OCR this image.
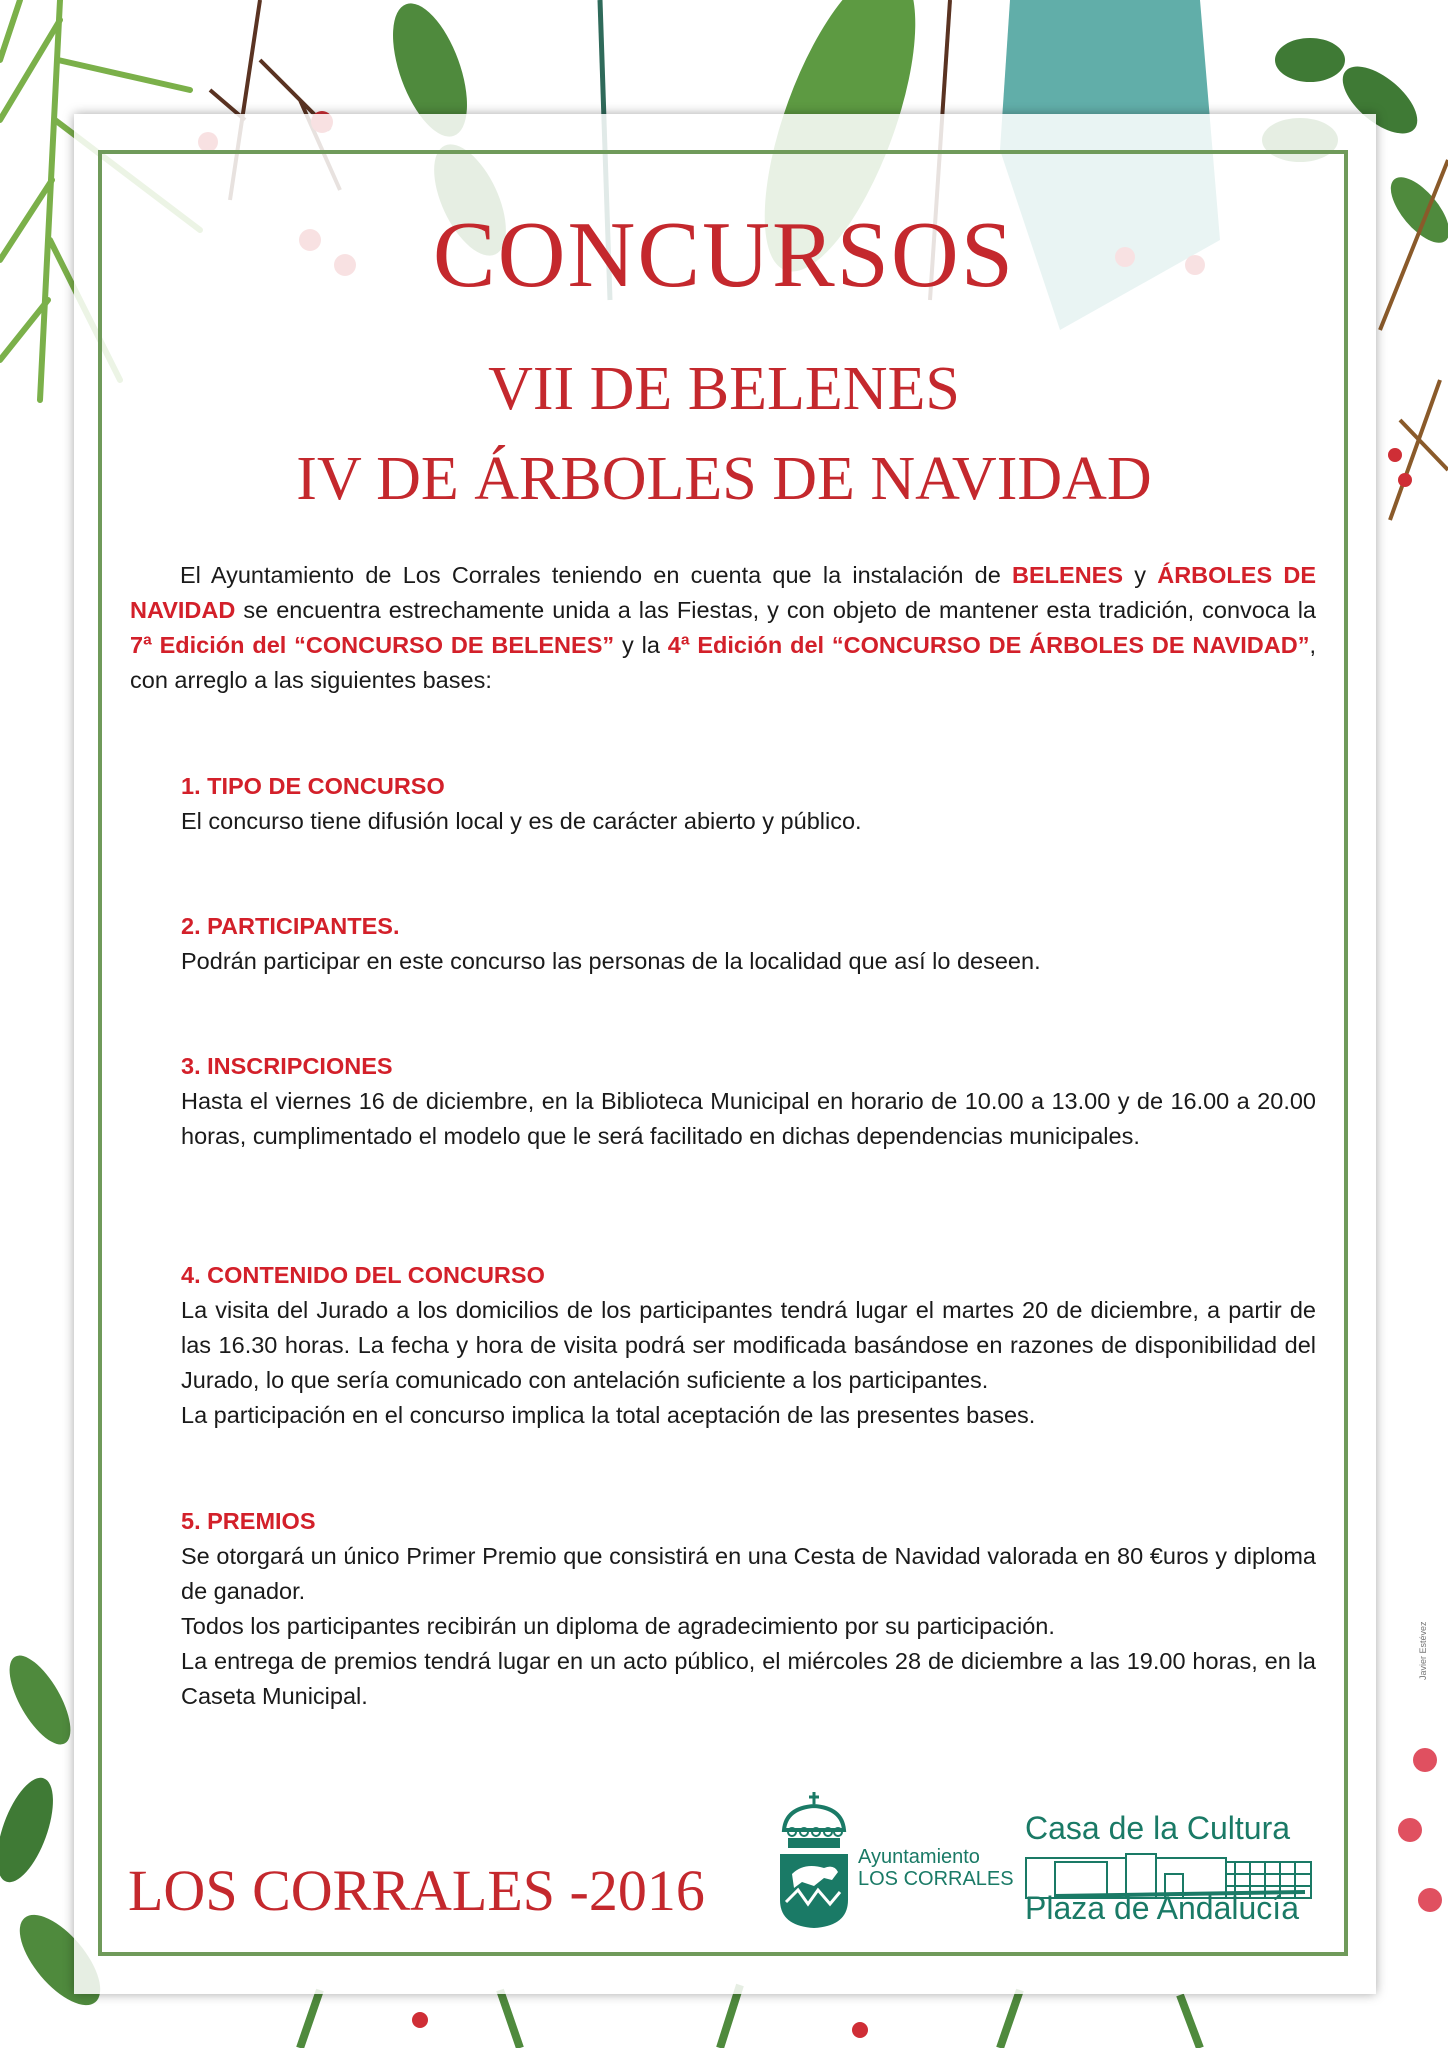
CONCURSOS
VII DE BELENES
IV DE ÁRBOLES DE NAVIDAD
El Ayuntamiento de Los Corrales teniendo en cuenta que la instalación de BELENES y ÁRBOLES DE NAVIDAD se encuentra estrechamente unida a las Fiestas, y con objeto de mantener esta tradición, convoca la 7ª Edición del “CONCURSO DE BELENES” y la 4ª Edición del “CONCURSO DE ÁRBOLES DE NAVIDAD”, con arreglo a las siguientes bases:
1. TIPO DE CONCURSO
El concurso tiene difusión local y es de carácter abierto y público.
2. PARTICIPANTES.
Podrán participar en este concurso las personas de la localidad que así lo deseen.
3. INSCRIPCIONES
Hasta el viernes 16 de diciembre, en la Biblioteca Municipal en horario de 10.00 a 13.00 y de 16.00 a 20.00 horas, cumplimentado el modelo que le será facilitado en dichas dependencias municipales.
4. CONTENIDO DEL CONCURSO
La visita del Jurado a los domicilios de los participantes tendrá lugar el martes 20 de diciembre, a partir de las 16.30 horas. La fecha y hora de visita podrá ser modificada basándose en razones de disponibilidad del Jurado, lo que sería comunicado con antelación suficiente a los participantes.
La participación en el concurso implica la total aceptación de las presentes bases.
5. PREMIOS
Se otorgará un único Primer Premio que consistirá en una Cesta de Navidad valorada en 80 €uros y diploma de ganador.
Todos los participantes recibirán un diploma de agradecimiento por su participación.
La entrega de premios tendrá lugar en un acto público, el miércoles 28 de diciembre a las 19.00 horas, en la Caseta Municipal.
LOS CORRALES -2016
Ayuntamiento
LOS CORRALES
Casa de la Cultura
Plaza de Andalucía
Javier Estévez
